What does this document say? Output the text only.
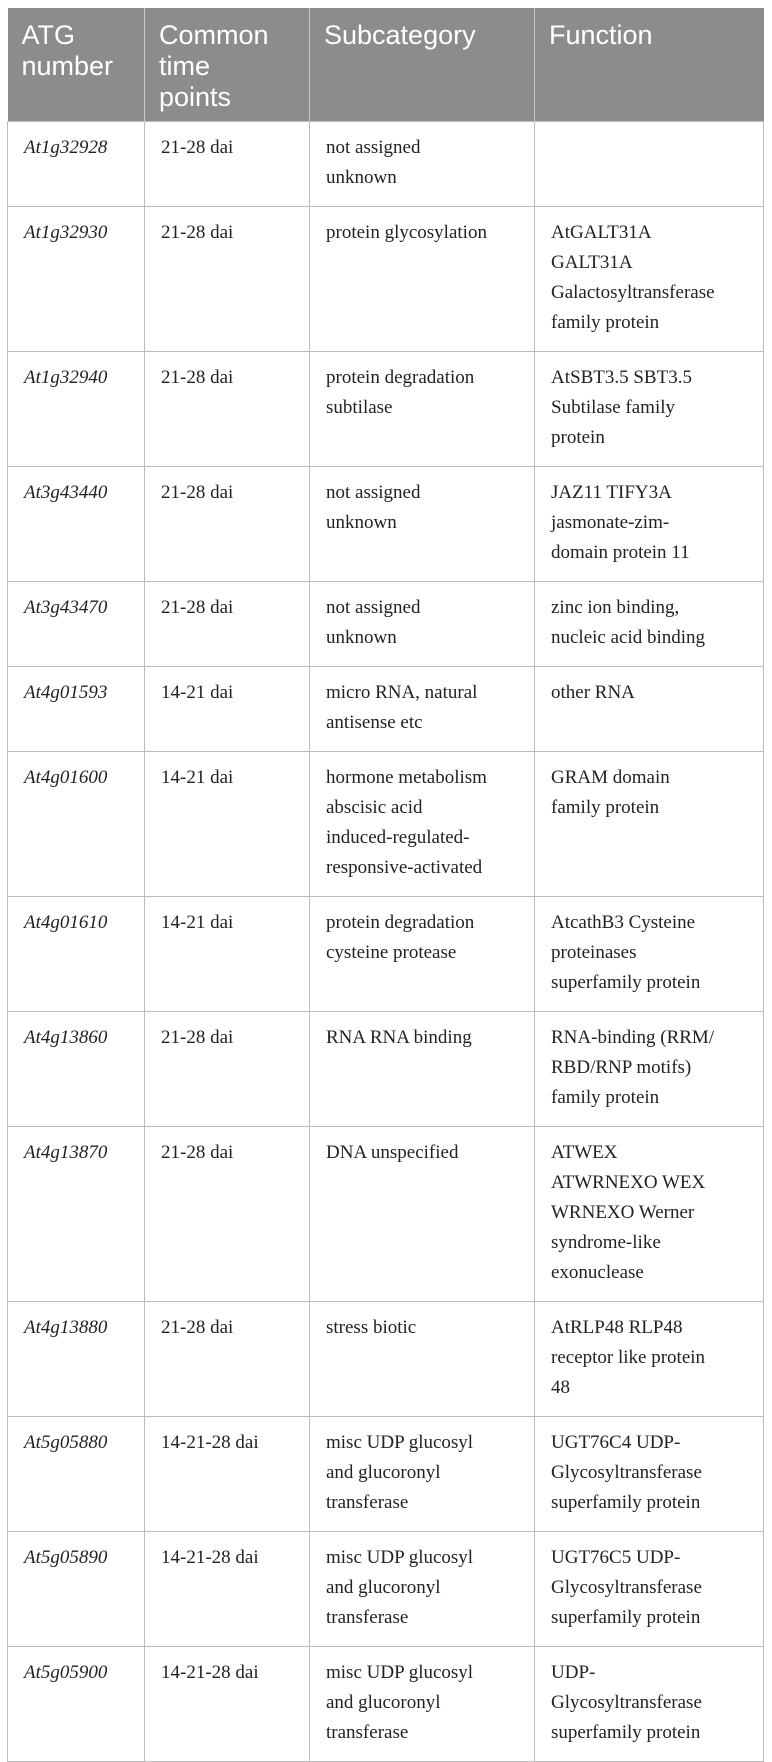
ATG
number	Common
time
points	Subcategory	Function

At1g32928	21-28 dai	not assigned
unknown	

At1g32930	21-28 dai	protein glycosylation	AtGALT31A
GALT31A
Galactosyltransferase
family protein

At1g32940	21-28 dai	protein degradation
subtilase	AtSBT3.5 SBT3.5
Subtilase family
protein

At3g43440	21-28 dai	not assigned
unknown	JAZ11 TIFY3A
jasmonate-zim-
domain protein 11

At3g43470	21-28 dai	not assigned
unknown	zinc ion binding,
nucleic acid binding

At4g01593	14-21 dai	micro RNA, natural
antisense etc	other RNA

At4g01600	14-21 dai	hormone metabolism
abscisic acid
induced-regulated-
responsive-activated	GRAM domain
family protein

At4g01610	14-21 dai	protein degradation
cysteine protease	AtcathB3 Cysteine
proteinases
superfamily protein

At4g13860	21-28 dai	RNA RNA binding	RNA-binding (RRM/
RBD/RNP motifs)
family protein

At4g13870	21-28 dai	DNA unspecified	ATWEX
ATWRNEXO WEX
WRNEXO Werner
syndrome-like
exonuclease

At4g13880	21-28 dai	stress biotic	AtRLP48 RLP48
receptor like protein
48

At5g05880	14-21-28 dai	misc UDP glucosyl
and glucoronyl
transferase	UGT76C4 UDP-
Glycosyltransferase
superfamily protein

At5g05890	14-21-28 dai	misc UDP glucosyl
and glucoronyl
transferase	UGT76C5 UDP-
Glycosyltransferase
superfamily protein

At5g05900	14-21-28 dai	misc UDP glucosyl
and glucoronyl
transferase	UDP-
Glycosyltransferase
superfamily protein
